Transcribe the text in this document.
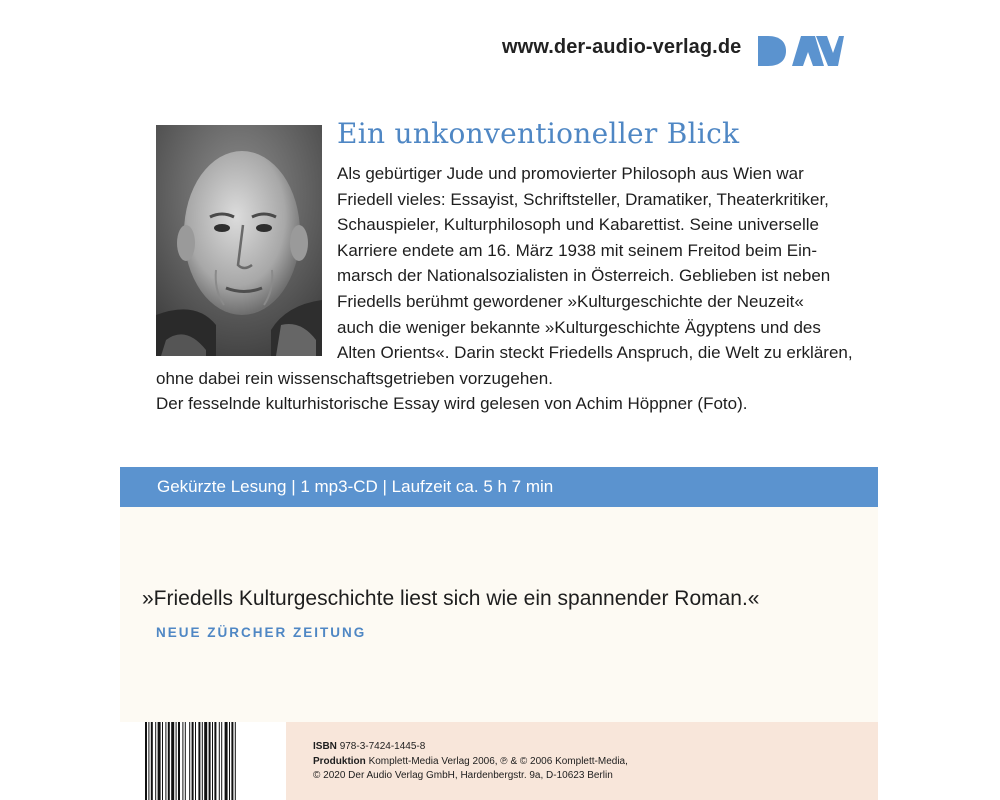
www.der-audio-verlag.de
Ein unkonventioneller Blick
Als gebürtiger Jude und promovierter Philosoph aus Wien war
Friedell vieles: Essayist, Schriftsteller, Dramatiker, Theaterkritiker,
Schauspieler, Kulturphilosoph und Kabarettist. Seine universelle
Karriere endete am 16. März 1938 mit seinem Freitod beim Ein-
marsch der Nationalsozialisten in Österreich. Geblieben ist neben
Friedells berühmt gewordener »Kulturgeschichte der Neuzeit«
auch die weniger bekannte »Kulturgeschichte Ägyptens und des
Alten Orients«. Darin steckt Friedells Anspruch, die Welt zu erklären,
ohne dabei rein wissenschaftsgetrieben vorzugehen.
Der fesselnde kulturhistorische Essay wird gelesen von Achim Höppner (Foto).
Gekürzte Lesung | 1 mp3-CD | Laufzeit ca. 5 h 7 min
»Friedells Kulturgeschichte liest sich wie ein spannender Roman.«
NEUE ZÜRCHER ZEITUNG
ISBN 978-3-7424-1445-8
Produktion Komplett-Media Verlag 2006, ℗ & © 2006 Komplett-Media,
© 2020 Der Audio Verlag GmbH, Hardenbergstr. 9a, D-10623 Berlin
